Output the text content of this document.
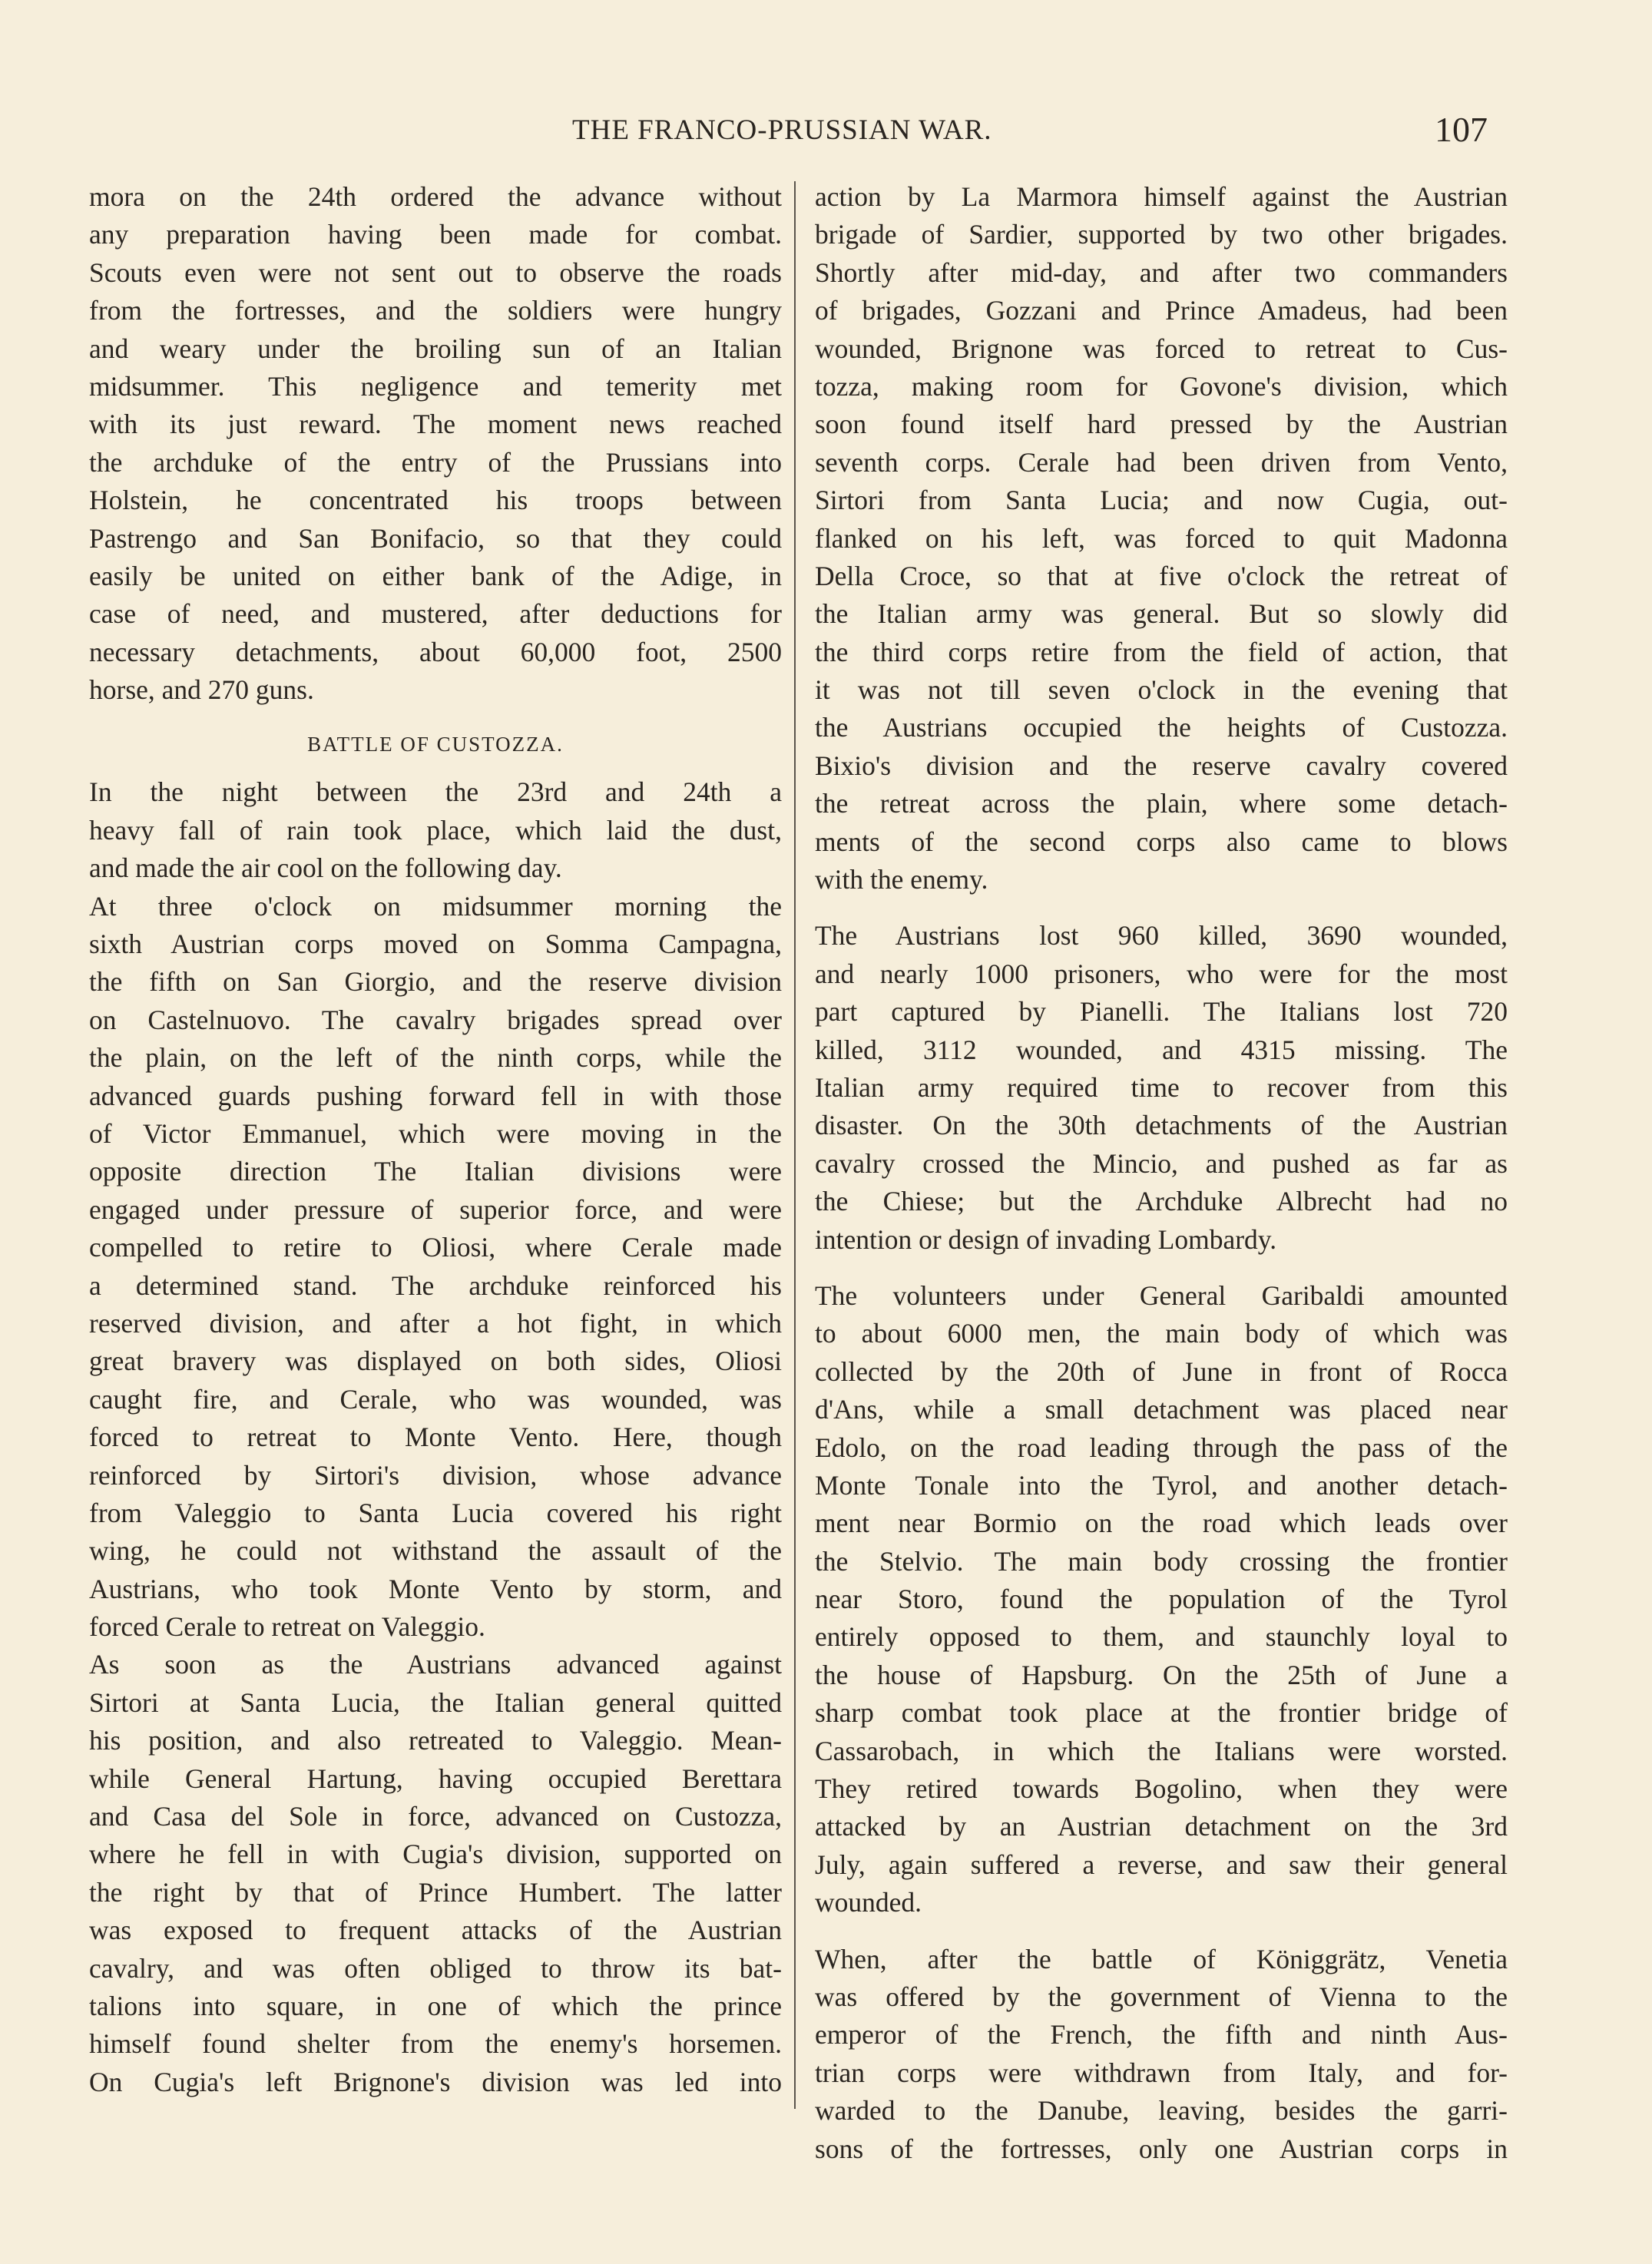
THE FRANCO-PRUSSIAN WAR.	107
mora on the 24th ordered the advance without
any preparation having been made for combat.
Scouts even were not sent out to observe the roads
from the fortresses, and the soldiers were hungry
and weary under the broiling sun of an Italian
midsummer. This negligence and temerity met
with its just reward. The moment news reached
the archduke of the entry of the Prussians into
Holstein, he concentrated his troops between
Pastrengo and San Bonifacio, so that they could
easily be united on either bank of the Adige, in
case of need, and mustered, after deductions for
necessary detachments, about 60,000 foot, 2500
horse, and 270 guns.
BATTLE OF CUSTOZZA.
In the night between the 23rd and 24th a
heavy fall of rain took place, which laid the dust,
and made the air cool on the following day.
At three o'clock on midsummer morning the
sixth Austrian corps moved on Somma Campagna,
the fifth on San Giorgio, and the reserve division
on Castelnuovo. The cavalry brigades spread over
the plain, on the left of the ninth corps, while the
advanced guards pushing forward fell in with those
of Victor Emmanuel, which were moving in the
opposite direction The Italian divisions were
engaged under pressure of superior force, and were
compelled to retire to Oliosi, where Cerale made
a determined stand. The archduke reinforced his
reserved division, and after a hot fight, in which
great bravery was displayed on both sides, Oliosi
caught fire, and Cerale, who was wounded, was
forced to retreat to Monte Vento. Here, though
reinforced by Sirtori's division, whose advance
from Valeggio to Santa Lucia covered his right
wing, he could not withstand the assault of the
Austrians, who took Monte Vento by storm, and
forced Cerale to retreat on Valeggio.
As soon as the Austrians advanced against
Sirtori at Santa Lucia, the Italian general quitted
his position, and also retreated to Valeggio. Mean-
while General Hartung, having occupied Berettara
and Casa del Sole in force, advanced on Custozza,
where he fell in with Cugia's division, supported on
the right by that of Prince Humbert. The latter
was exposed to frequent attacks of the Austrian
cavalry, and was often obliged to throw its bat-
talions into square, in one of which the prince
himself found shelter from the enemy's horsemen.
On Cugia's left Brignone's division was led into
action by La Marmora himself against the Austrian
brigade of Sardier, supported by two other brigades.
Shortly after mid-day, and after two commanders
of brigades, Gozzani and Prince Amadeus, had been
wounded, Brignone was forced to retreat to Cus-
tozza, making room for Govone's division, which
soon found itself hard pressed by the Austrian
seventh corps. Cerale had been driven from Vento,
Sirtori from Santa Lucia; and now Cugia, out-
flanked on his left, was forced to quit Madonna
Della Croce, so that at five o'clock the retreat of
the Italian army was general. But so slowly did
the third corps retire from the field of action, that
it was not till seven o'clock in the evening that
the Austrians occupied the heights of Custozza.
Bixio's division and the reserve cavalry covered
the retreat across the plain, where some detach-
ments of the second corps also came to blows
with the enemy.
The Austrians lost 960 killed, 3690 wounded,
and nearly 1000 prisoners, who were for the most
part captured by Pianelli. The Italians lost 720
killed, 3112 wounded, and 4315 missing. The
Italian army required time to recover from this
disaster. On the 30th detachments of the Austrian
cavalry crossed the Mincio, and pushed as far as
the Chiese; but the Archduke Albrecht had no
intention or design of invading Lombardy.
The volunteers under General Garibaldi amounted
to about 6000 men, the main body of which was
collected by the 20th of June in front of Rocca
d'Ans, while a small detachment was placed near
Edolo, on the road leading through the pass of the
Monte Tonale into the Tyrol, and another detach-
ment near Bormio on the road which leads over
the Stelvio. The main body crossing the frontier
near Storo, found the population of the Tyrol
entirely opposed to them, and staunchly loyal to
the house of Hapsburg. On the 25th of June a
sharp combat took place at the frontier bridge of
Cassarobach, in which the Italians were worsted.
They retired towards Bogolino, when they were
attacked by an Austrian detachment on the 3rd
July, again suffered a reverse, and saw their general
wounded.
When, after the battle of Königgrätz, Venetia
was offered by the government of Vienna to the
emperor of the French, the fifth and ninth Aus-
trian corps were withdrawn from Italy, and for-
warded to the Danube, leaving, besides the garri-
sons of the fortresses, only one Austrian corps in
